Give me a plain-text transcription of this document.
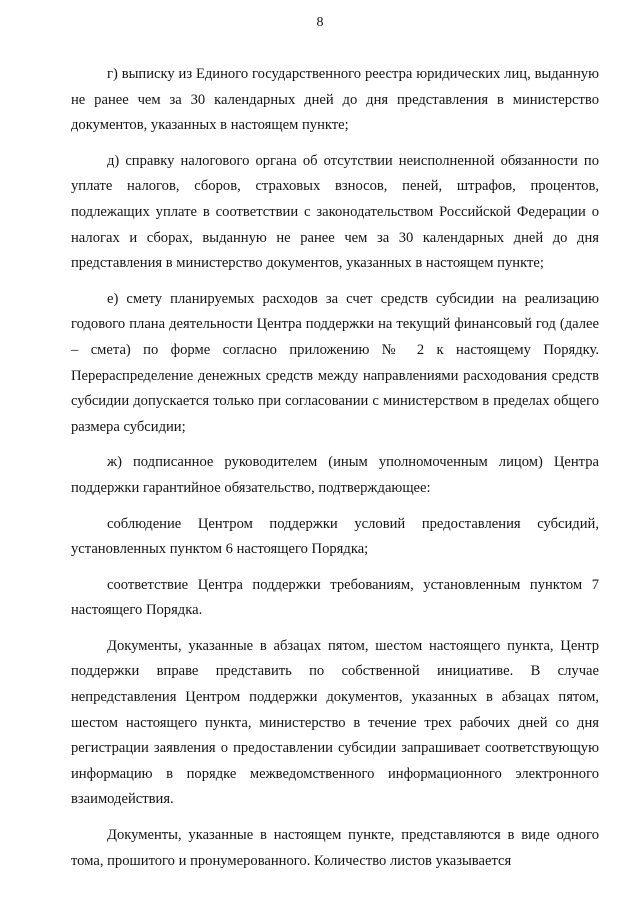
8

г) выписку из Единого государственного реестра юридических лиц, выданную не ранее чем за 30 календарных дней до дня представления в министерство документов, указанных в настоящем пункте;

д) справку налогового органа об отсутствии неисполненной обязанности по уплате налогов, сборов, страховых взносов, пеней, штрафов, процентов, подлежащих уплате в соответствии с законодательством Российской Федерации о налогах и сборах, выданную не ранее чем за 30 календарных дней до дня представления в министерство документов, указанных в настоящем пункте;

е) смету планируемых расходов за счет средств субсидии на реализацию годового плана деятельности Центра поддержки на текущий финансовый год (далее – смета) по форме согласно приложению № 2 к настоящему Порядку. Перераспределение денежных средств между направлениями расходования средств субсидии допускается только при согласовании с министерством в пределах общего размера субсидии;

ж) подписанное руководителем (иным уполномоченным лицом) Центра поддержки гарантийное обязательство, подтверждающее:

соблюдение Центром поддержки условий предоставления субсидий, установленных пунктом 6 настоящего Порядка;

соответствие Центра поддержки требованиям, установленным пунктом 7 настоящего Порядка.

Документы, указанные в абзацах пятом, шестом настоящего пункта, Центр поддержки вправе представить по собственной инициативе. В случае непредставления Центром поддержки документов, указанных в абзацах пятом, шестом настоящего пункта, министерство в течение трех рабочих дней со дня регистрации заявления о предоставлении субсидии запрашивает соответствующую информацию в порядке межведомственного информационного электронного взаимодействия.

Документы, указанные в настоящем пункте, представляются в виде одного тома, прошитого и пронумерованного. Количество листов указывается
